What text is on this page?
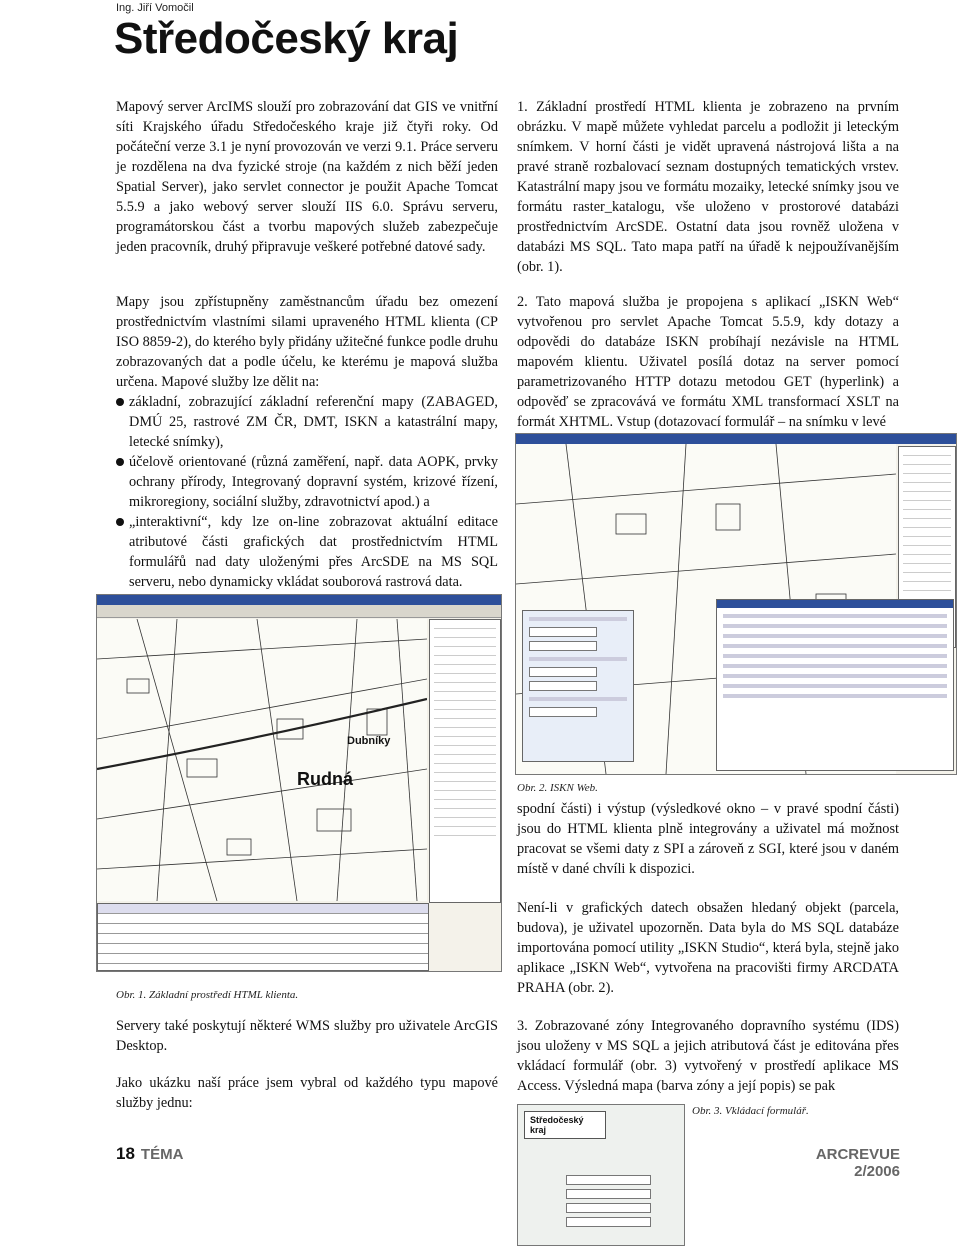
Ing. Jiří Vomočil
Středočeský kraj

Mapový server ArcIMS slouží pro zobrazování dat GIS ve vnitřní síti Krajského úřadu Středočeského kraje již čtyři roky. Od počáteční verze 3.1 je nyní provozován ve verzi 9.1. Práce serveru je rozdělena na dva fyzické stroje (na každém z nich běží jeden Spatial Server), jako servlet connector je použit Apache Tomcat 5.5.9 a jako webový server slouží IIS 6.0. Správu serveru, programátorskou část a tvorbu mapových služeb zabezpečuje jeden pracovník, druhý připravuje veškeré potřebné datové sady.

Mapy jsou zpřístupněny zaměstnancům úřadu bez omezení prostřednictvím vlastními silami upraveného HTML klienta (CP ISO 8859-2), do kterého byly přidány užitečné funkce podle druhu zobrazovaných dat a podle účelu, ke kterému je mapová služba určena. Mapové služby lze dělit na:

základní, zobrazující základní referenční mapy (ZABAGED, DMÚ 25, rastrové ZM ČR, DMT, ISKN a katastrální mapy, letecké snímky),
účelově orientované (různá zaměření, např. data AOPK, prvky ochrany přírody, Integrovaný dopravní systém, krizové řízení, mikroregiony, sociální služby, zdravotnictví apod.) a
„interaktivní“, kdy lze on-line zobrazovat aktuální editace atributové části grafických dat prostřednictvím HTML formulářů nad daty uloženými přes ArcSDE na MS SQL serveru, nebo dynamicky vkládat souborová rastrová data.
Dubníky
Rudná
Obr. 1. Základní prostředí HTML klienta.

Servery také poskytují některé WMS služby pro uživatele ArcGIS Desktop.

Jako ukázku naší práce jsem vybral od každého typu mapové služby jednu:

1. Základní prostředí HTML klienta je zobrazeno na prvním obrázku. V mapě můžete vyhledat parcelu a podložit ji leteckým snímkem. V horní části je vidět upravená nástrojová lišta a na pravé straně rozbalovací seznam dostupných tematických vrstev. Katastrální mapy jsou ve formátu mozaiky, letecké snímky jsou ve formátu raster_katalogu, vše uloženo v prostorové databázi prostřednictvím ArcSDE. Ostatní data jsou rovněž uložena v databázi MS SQL. Tato mapa patří na úřadě k nejpoužívanějším (obr. 1).

2. Tato mapová služba je propojena s aplikací „ISKN Web“ vytvořenou pro servlet Apache Tomcat 5.5.9, kdy dotazy a odpovědi do databáze ISKN probíhají nezávisle na HTML mapovém klientu. Uživatel posílá dotaz na server pomocí parametrizovaného HTTP dotazu metodou GET (hyperlink) a odpověď se zpracovává ve formátu XML transformací XSLT na formát XHTML. Vstup (dotazovací formulář – na snímku v levé

Obr. 2. ISKN Web.

spodní části) i výstup (výsledkové okno – v pravé spodní části) jsou do HTML klienta plně integrovány a uživatel má možnost pracovat se všemi daty z SPI a zároveň z SGI, které jsou v daném místě v dané chvíli k dispozici.

Není-li v grafických datech obsažen hledaný objekt (parcela, budova), je uživatel upozorněn. Data byla do MS SQL databáze importována pomocí utility „ISKN Studio“, která byla, stejně jako aplikace „ISKN Web“, vytvořena na pracovišti firmy ARCDATA PRAHA (obr. 2).

3. Zobrazované zóny Integrovaného dopravního systému (IDS) jsou uloženy v MS SQL a jejich atributová část je editována přes vkládací formulář (obr. 3) vytvořený v prostředí aplikace MS Access. Výsledná mapa (barva zóny a její popis) se pak

Středočeský kraj
Obr. 3. Vkládací formulář.
18 TÉMA	ARCREVUE 2/2006
